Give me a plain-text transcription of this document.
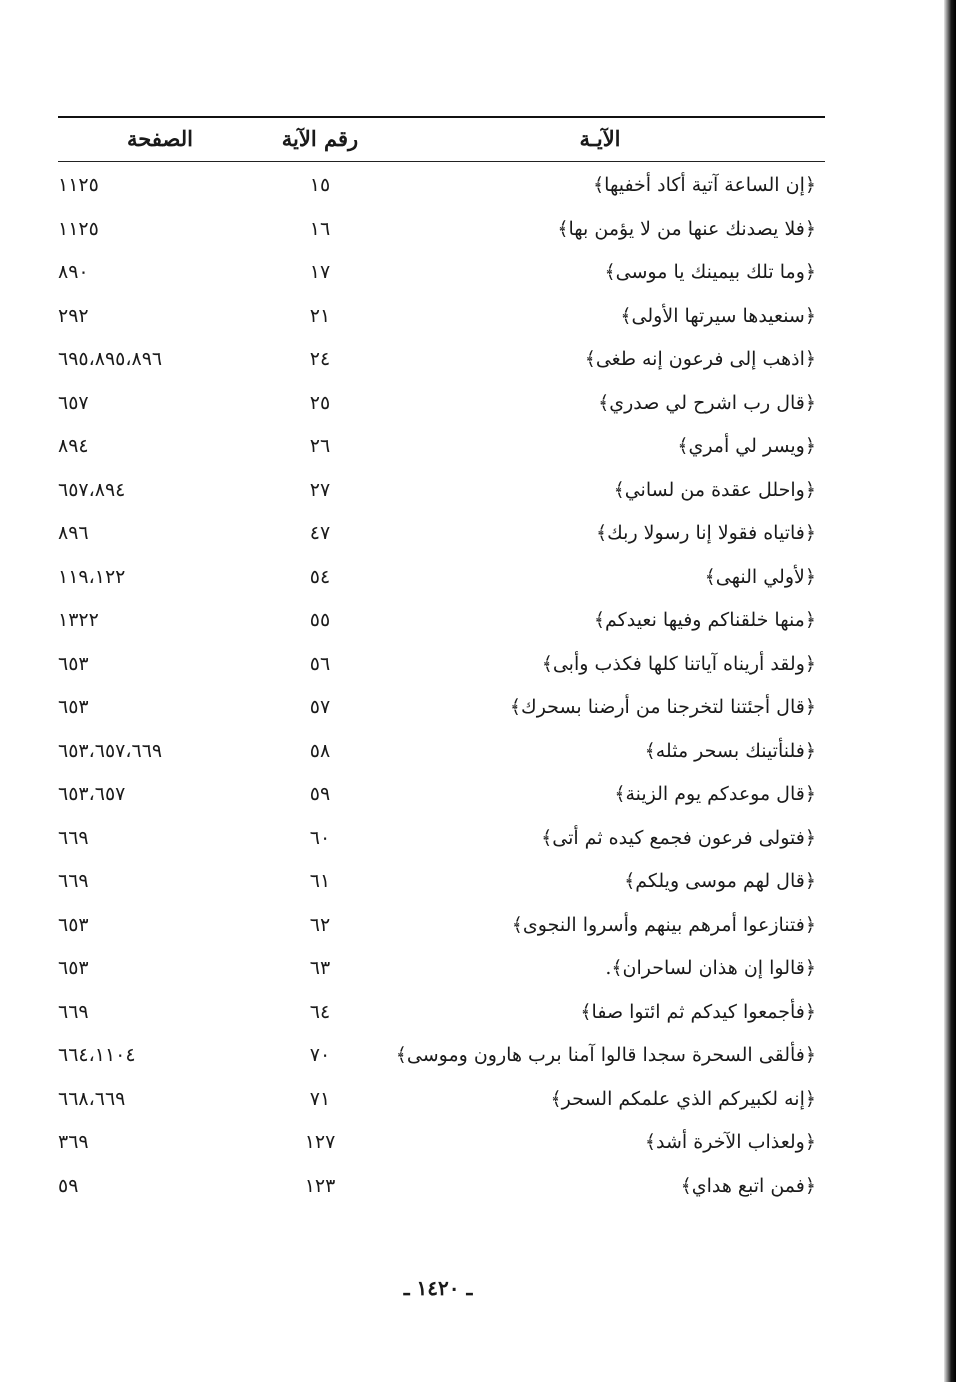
الآيـة
رقم الآية
الصفحة
﴿إن الساعة آتية أكاد أخفيها﴾
١٥
١١٢٥
﴿فلا يصدنك عنها من لا يؤمن بها﴾
١٦
١١٢٥
﴿وما تلك بيمينك يا موسى﴾
١٧
٨٩٠
﴿سنعيدها سيرتها الأولى﴾
٢١
٢٩٢
﴿اذهب إلى فرعون إنه طغى﴾
٢٤
٦٩٥،٨٩٥،٨٩٦
﴿قال رب اشرح لي صدري﴾
٢٥
٦٥٧
﴿ويسر لي أمري﴾
٢٦
٨٩٤
﴿واحلل عقدة من لساني﴾
٢٧
٦٥٧،٨٩٤
﴿فاتياه فقولا إنا رسولا ربك﴾
٤٧
٨٩٦
﴿لأولي النهى﴾
٥٤
١١٩،١٢٢
﴿منها خلقناكم وفيها نعيدكم﴾
٥٥
١٣٢٢
﴿ولقد أريناه آياتنا كلها فكذب وأبى﴾
٥٦
٦٥٣
﴿قال أجئتنا لتخرجنا من أرضنا بسحرك﴾
٥٧
٦٥٣
﴿فلنأتينك بسحر مثله﴾
٥٨
٦٥٣،٦٥٧،٦٦٩
﴿قال موعدكم يوم الزينة﴾
٥٩
٦٥٣،٦٥٧
﴿فتولى فرعون فجمع كيده ثم أتى﴾
٦٠
٦٦٩
﴿قال لهم موسى ويلكم﴾
٦١
٦٦٩
﴿فتنازعوا أمرهم بينهم وأسروا النجوى﴾
٦٢
٦٥٣
﴿قالوا إن هذان لساحران﴾.
٦٣
٦٥٣
﴿فأجمعوا كيدكم ثم ائتوا صفا﴾
٦٤
٦٦٩
﴿فألقى السحرة سجدا قالوا آمنا برب هارون وموسى﴾
٧٠
٦٦٤،١١٠٤
﴿إنه لكبيركم الذي علمكم السحر﴾
٧١
٦٦٨،٦٦٩
﴿ولعذاب الآخرة أشد﴾
١٢٧
٣٦٩
﴿فمن اتبع هداي﴾
١٢٣
٥٩
ـ ١٤٢٠ ـ
